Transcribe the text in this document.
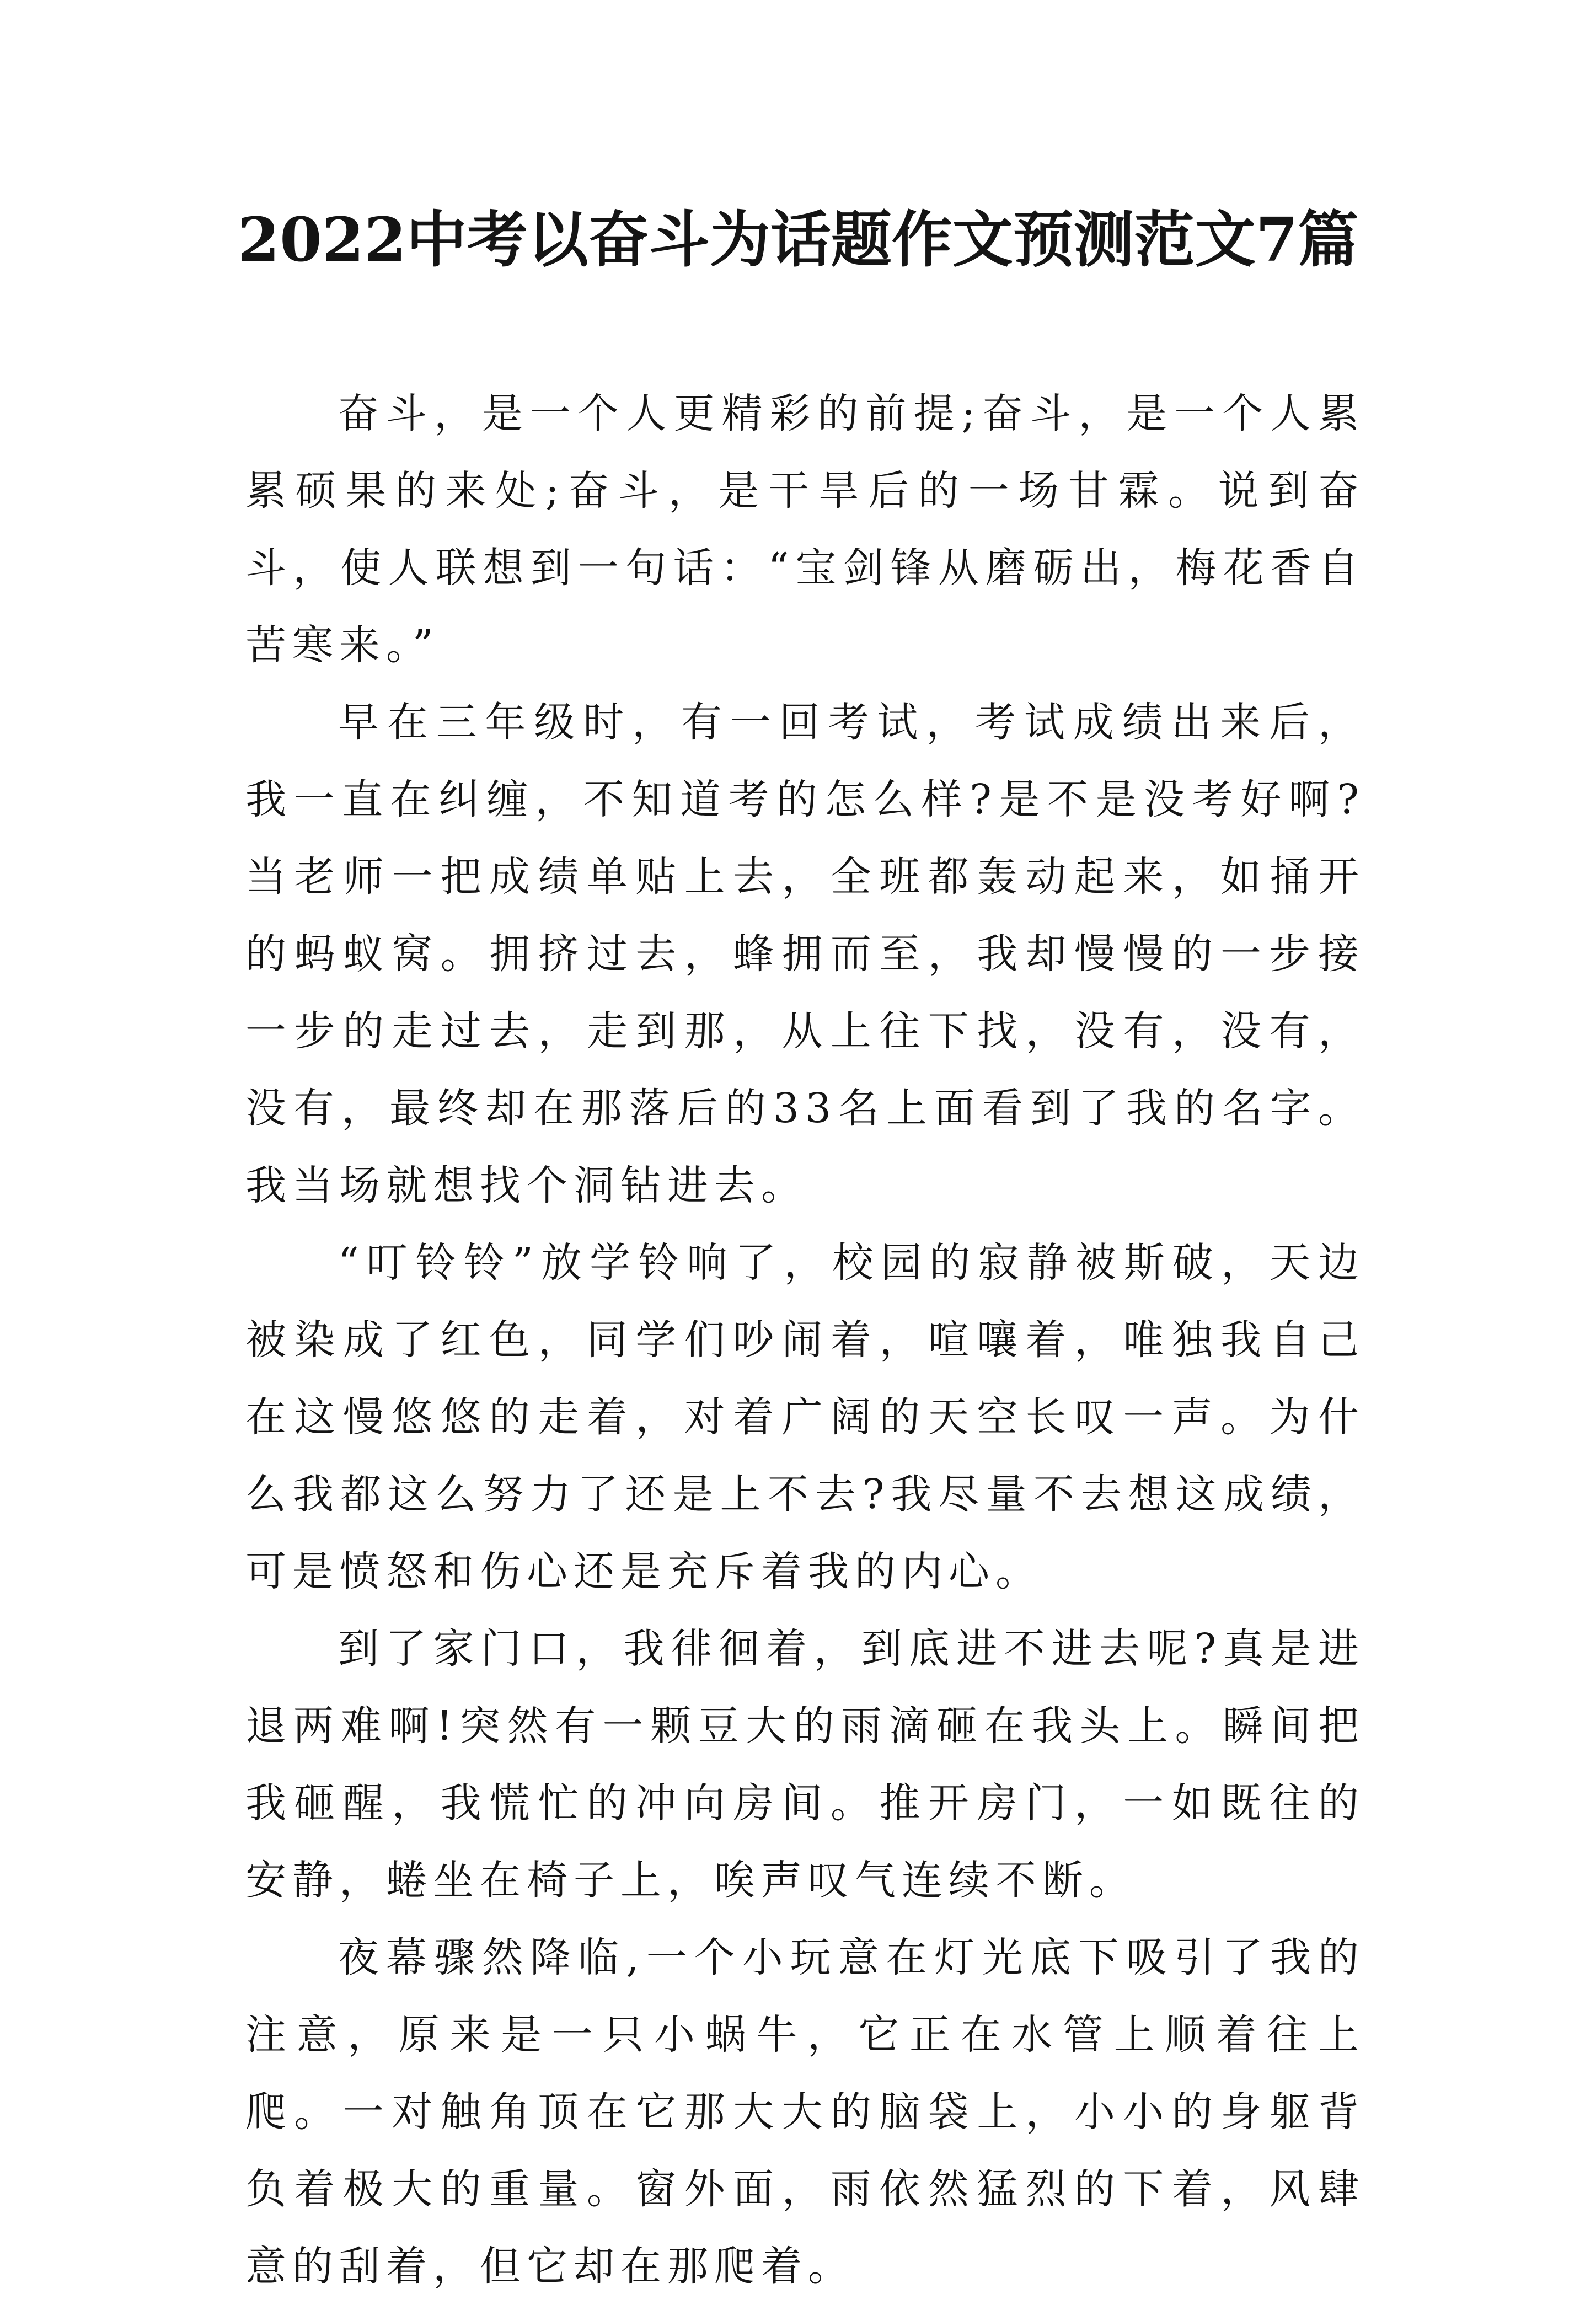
2022中考以奋斗为话题作文预测范文7篇

奋斗，是一个人更精彩的前提;奋斗，是一个人累累硕果的来处;奋斗，是干旱后的一场甘霖。说到奋斗，使人联想到一句话：“宝剑锋从磨砺出，梅花香自苦寒来。”

早在三年级时，有一回考试，考试成绩出来后，我一直在纠缠，不知道考的怎么样?是不是没考好啊?当老师一把成绩单贴上去，全班都轰动起来，如捅开的蚂蚁窝。拥挤过去，蜂拥而至，我却慢慢的一步接一步的走过去，走到那，从上往下找，没有，没有，没有，最终却在那落后的33名上面看到了我的名字。我当场就想找个洞钻进去。

“叮铃铃”放学铃响了，校园的寂静被斯破，天边被染成了红色，同学们吵闹着，喧嚷着，唯独我自己在这慢悠悠的走着，对着广阔的天空长叹一声。为什么我都这么努力了还是上不去?我尽量不去想这成绩，可是愤怒和伤心还是充斥着我的内心。

到了家门口，我徘徊着，到底进不进去呢?真是进退两难啊!突然有一颗豆大的雨滴砸在我头上。瞬间把我砸醒，我慌忙的冲向房间。推开房门，一如既往的安静，蜷坐在椅子上，唉声叹气连续不断。

夜幕骤然降临,一个小玩意在灯光底下吸引了我的注意，原来是一只小蜗牛，它正在水管上顺着往上爬。一对触角顶在它那大大的脑袋上，小小的身躯背负着极大的重量。窗外面，雨依然猛烈的下着，风肆意的刮着，但它却在那爬着。
